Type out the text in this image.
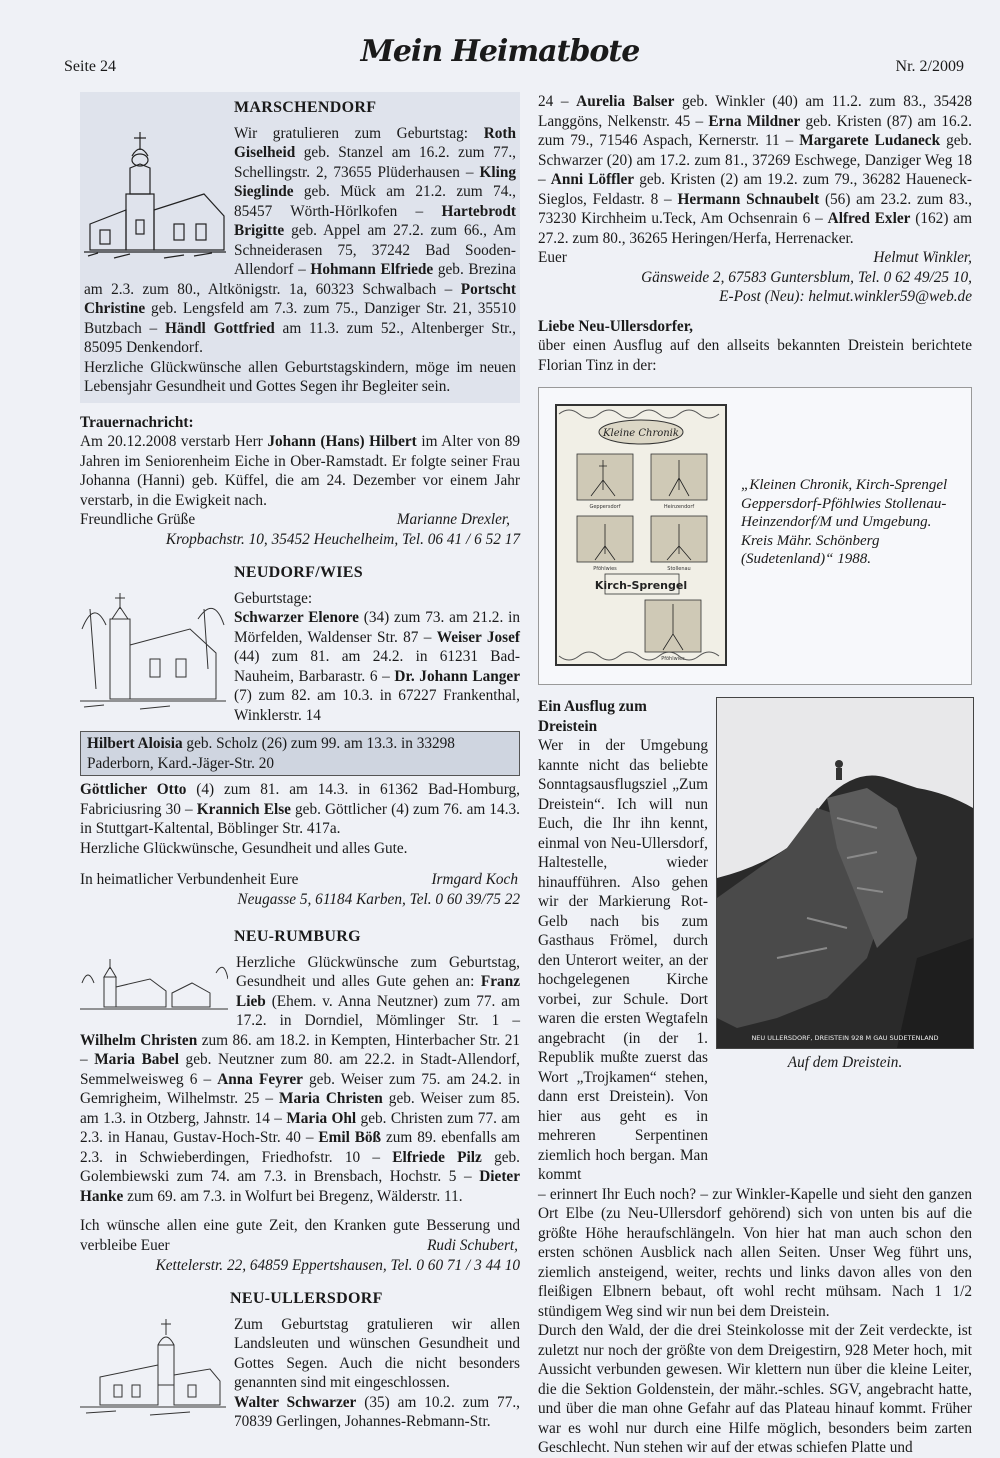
Seite 24	Mein Heimatbote	Nr. 2/2009
MARSCHENDORF

Wir gratulieren zum Geburtstag: Roth Giselheid geb. Stanzel am 16.2. zum 77., Schellingstr. 2, 73655 Plüderhausen – Kling Sieglinde geb. Mück am 21.2. zum 74., 85457 Wörth-Hörlkofen – Hartebrodt Brigitte geb. Appel am 27.2. zum 66., Am Schneiderasen 75, 37242 Bad Sooden-Allendorf – Hohmann Elfriede geb. Brezina am 2.3. zum 80., Altkönigstr. 1a, 60323 Schwalbach – Portscht Christine geb. Lengsfeld am 7.3. zum 75., Danziger Str. 21, 35510 Butzbach – Händl Gottfried am 11.3. zum 52., Altenberger Str., 85095 Denkendorf.

Herzliche Glückwünsche allen Geburtstagskindern, möge im neuen Lebensjahr Gesundheit und Gottes Segen ihr Begleiter sein.

Trauernachricht:

Am 20.12.2008 verstarb Herr Johann (Hans) Hilbert im Alter von 89 Jahren im Seniorenheim Eiche in Ober-Ramstadt. Er folgte seiner Frau Johanna (Hanni) geb. Küffel, die am 24. Dezember vor einem Jahr verstarb, in die Ewigkeit nach.

Freundliche Grüße	Marianne Drexler,

Kropbachstr. 10, 35452 Heuchelheim, Tel. 06 41 / 6 52 17

NEUDORF/WIES

Geburtstage:

Schwarzer Elenore (34) zum 73. am 21.2. in Mörfelden, Waldenser Str. 87 – Weiser Josef (44) zum 81. am 24.2. in 61231 Bad-Nauheim, Barbarastr. 6 – Dr. Johann Langer (7) zum 82. am 10.3. in 67227 Frankenthal, Winklerstr. 14

Hilbert Aloisia geb. Scholz (26) zum 99. am 13.3. in 33298 Paderborn, Kard.-Jäger-Str. 20

Göttlicher Otto (4) zum 81. am 14.3. in 61362 Bad-Homburg, Fabriciusring 30 – Krannich Else geb. Göttlicher (4) zum 76. am 14.3. in Stuttgart-Kaltental, Böblinger Str. 417a.

Herzliche Glückwünsche, Gesundheit und alles Gute.

In heimatlicher Verbundenheit Eure	Irmgard Koch

Neugasse 5, 61184 Karben, Tel. 0 60 39/75 22

NEU-RUMBURG

Herzliche Glückwünsche zum Geburtstag, Gesundheit und alles Gute gehen an: Franz Lieb (Ehem. v. Anna Neutzner) zum 77. am 17.2. in Dorndiel, Mömlinger Str. 1 – Wilhelm Christen zum 86. am 18.2. in Kempten, Hinterbacher Str. 21 – Maria Babel geb. Neutzner zum 80. am 22.2. in Stadt-Allendorf, Semmelweisweg 6 – Anna Feyrer geb. Weiser zum 75. am 24.2. in Gemrigheim, Wilhelmstr. 25 – Maria Christen geb. Weiser zum 85. am 1.3. in Otzberg, Jahnstr. 14 – Maria Ohl geb. Christen zum 77. am 2.3. in Hanau, Gustav-Hoch-Str. 40 – Emil Böß zum 89. ebenfalls am 2.3. in Schwieberdingen, Friedhofstr. 10 – Elfriede Pilz geb. Golembiewski zum 74. am 7.3. in Brensbach, Hochstr. 5 – Dieter Hanke zum 69. am 7.3. in Wolfurt bei Bregenz, Wälderstr. 11.

Ich wünsche allen eine gute Zeit, den Kranken gute Besserung und verbleibe Euer	Rudi Schubert,

Kettelerstr. 22, 64859 Eppertshausen, Tel. 0 60 71 / 3 44 10

NEU-ULLERSDORF

Zum Geburtstag gratulieren wir allen Landsleuten und wünschen Gesundheit und Gottes Segen. Auch die nicht besonders genannten sind mit eingeschlossen.

Walter Schwarzer (35) am 10.2. zum 77., 70839 Gerlingen, Johannes-Rebmann-Str.

24 – Aurelia Balser geb. Winkler (40) am 11.2. zum 83., 35428 Langgöns, Nelkenstr. 45 – Erna Mildner geb. Kristen (87) am 16.2. zum 79., 71546 Aspach, Kernerstr. 11 – Margarete Ludaneck geb. Schwarzer (20) am 17.2. zum 81., 37269 Eschwege, Danziger Weg 18 – Anni Löffler geb. Kristen (2) am 19.2. zum 79., 36282 Haueneck-Sieglos, Feldastr. 8 – Hermann Schnaubelt (56) am 23.2. zum 83., 73230 Kirchheim u.Teck, Am Ochsenrain 6 – Alfred Exler (162) am 27.2. zum 80., 36265 Heringen/Herfa, Herrenacker.

Euer	Helmut Winkler,

Gänsweide 2, 67583 Guntersblum, Tel. 0 62 49/25 10,

E-Post (Neu): helmut.winkler59@web.de

Liebe Neu-Ullersdorfer,

über einen Ausflug auf den allseits bekannten Dreistein berichtete Florian Tinz in der:

Kleine Chronik
Kirch-Sprengel
Geppersdorf	Heinzendorf
Pföhlwies	Stollenau
Pföhlwies

„Kleinen Chronik, Kirch-Sprengel Geppersdorf-Pföhlwies Stollenau-Heinzendorf/M und Umgebung. Kreis Mähr. Schönberg (Sudetenland)“ 1988.

NEU ULLERSDORF, DREISTEIN 928 M GAU SUDETENLAND

Auf dem Dreistein.

Ein Ausflug zum Dreistein

Wer in der Umgebung kannte nicht das beliebte Sonntagsausflugsziel „Zum Dreistein“. Ich will nun Euch, die Ihr ihn kennt, einmal von Neu-Ullersdorf, Haltestelle, wieder hinaufführen. Also gehen wir der Markierung Rot-Gelb nach bis zum Gasthaus Frömel, durch den Unterort weiter, an der hochgelegenen Kirche vorbei, zur Schule. Dort waren die ersten Wegtafeln angebracht (in der 1. Republik mußte zuerst das Wort „Trojkamen“ stehen, dann erst Dreistein). Von hier aus geht es in mehreren Serpentinen ziemlich hoch bergan. Man kommt

– erinnert Ihr Euch noch? – zur Winkler-Kapelle und sieht den ganzen Ort Elbe (zu Neu-Ullersdorf gehörend) sich von unten bis auf die größte Höhe heraufschlängeln. Von hier hat man auch schon den ersten schönen Ausblick nach allen Seiten. Unser Weg führt uns, ziemlich ansteigend, weiter, rechts und links davon alles von den fleißigen Elbnern bebaut, oft wohl recht mühsam. Nach 1 1/2 stündigem Weg sind wir nun bei dem Dreistein.

Durch den Wald, der die drei Steinkolosse mit der Zeit verdeckte, ist zuletzt nur noch der größte von dem Dreigestirn, 928 Meter hoch, mit Aussicht verbunden gewesen. Wir klettern nun über die kleine Leiter, die die Sektion Goldenstein, der mähr.-schles. SGV, angebracht hatte, und über die man ohne Gefahr auf das Plateau hinauf kommt. Früher war es wohl nur durch eine Hilfe möglich, besonders beim zarten Geschlecht. Nun stehen wir auf der etwas schiefen Platte und
